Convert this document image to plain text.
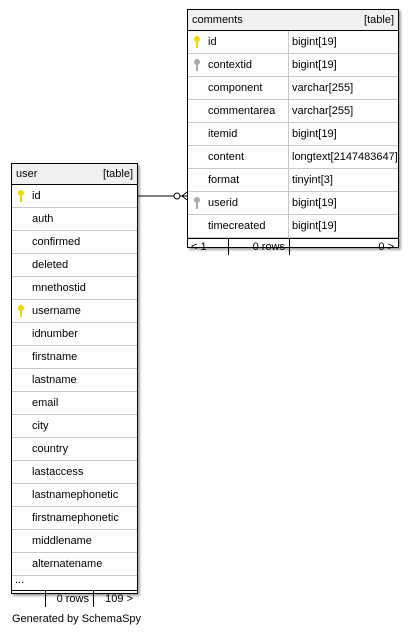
comments	[table]
id	bigint[19]
contextid	bigint[19]
component	varchar[255]
commentarea	varchar[255]
itemid	bigint[19]
content	longtext[2147483647]
format	tinyint[3]
userid	bigint[19]
timecreated	bigint[19]
< 1	0 rows	0 >
user	[table]
id
auth
confirmed
deleted
mnethostid
username
idnumber
firstname
lastname
email
city
country
lastaccess
lastnamephonetic
firstnamephonetic
middlename
alternatename
...
0 rows	109 >
Generated by SchemaSpy
